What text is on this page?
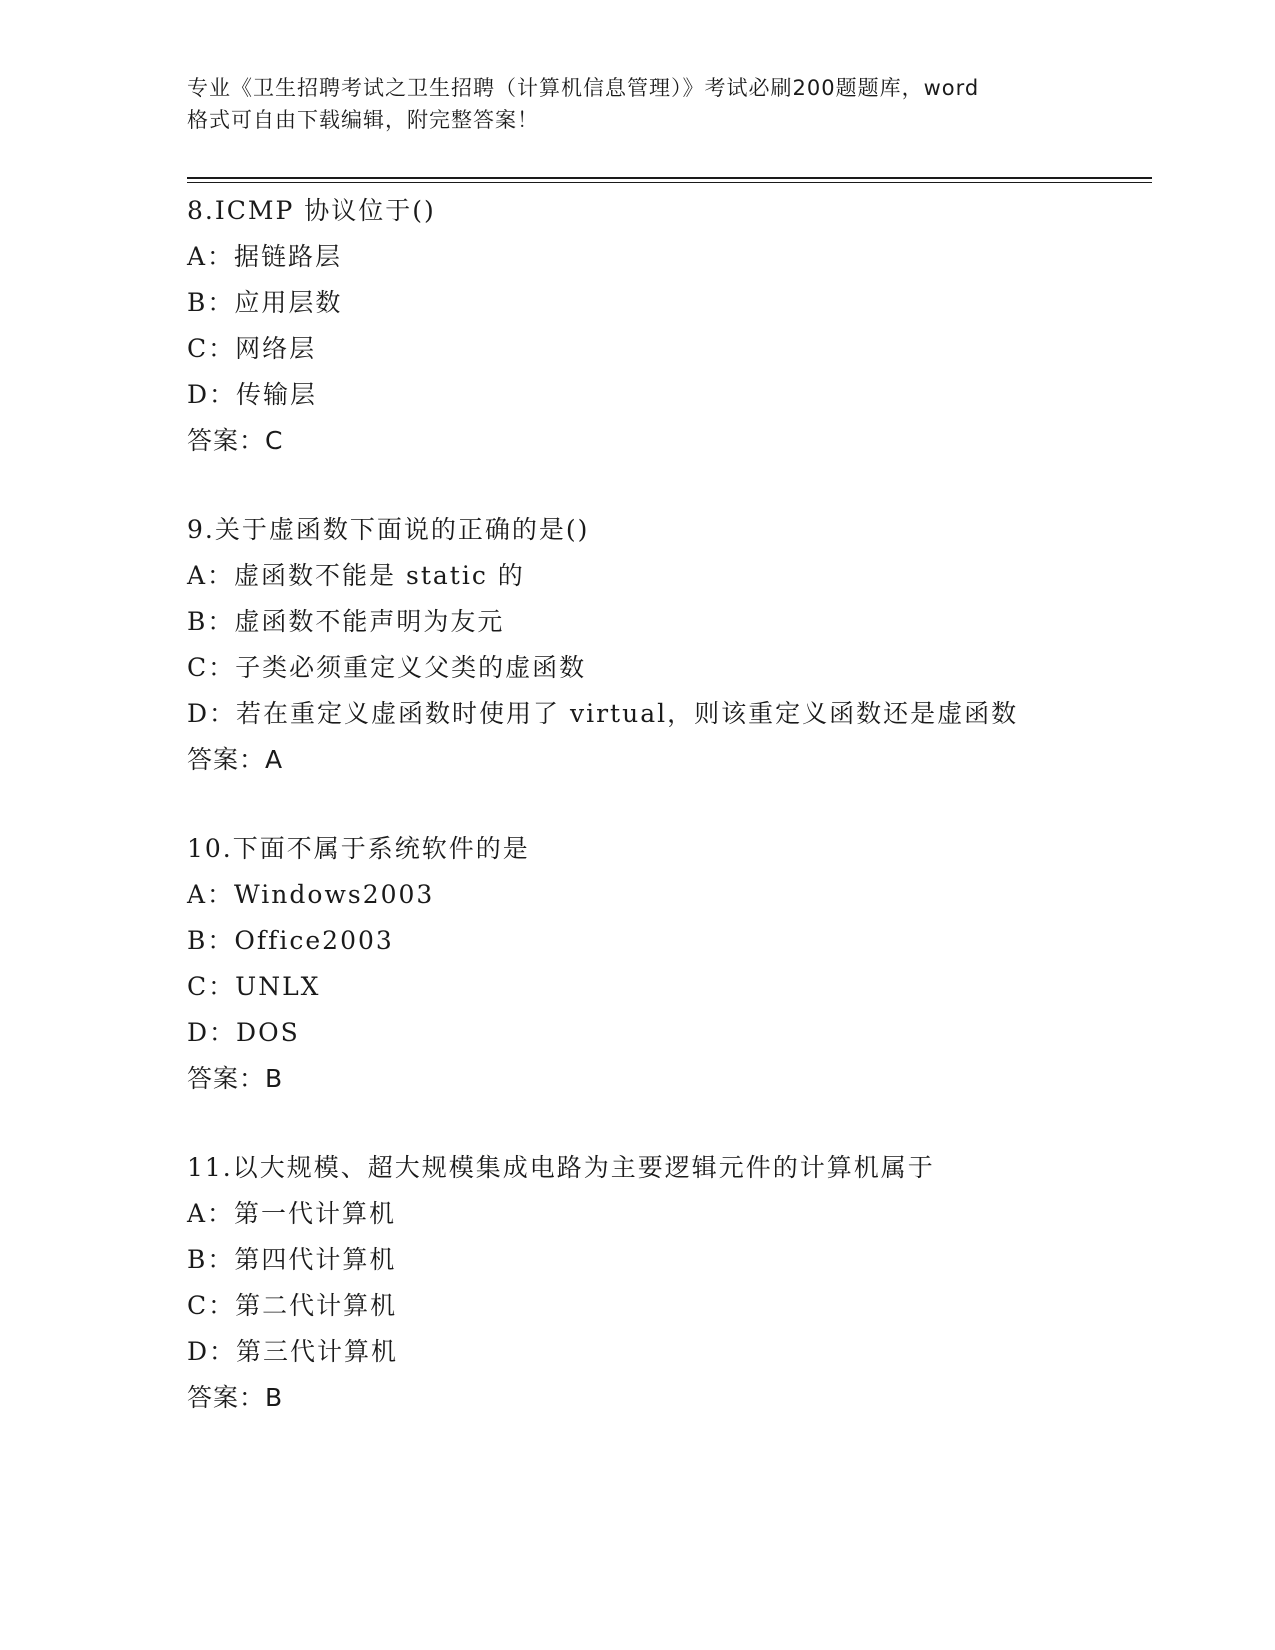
专业《卫生招聘考试之卫生招聘（计算机信息管理）》考试必刷200题题库，word
格式可自由下载编辑，附完整答案！
8.ICMP 协议位于()
A：据链路层
B：应用层数
C：网络层
D：传输层
答案：C
9.关于虚函数下面说的正确的是()
A：虚函数不能是 static 的
B：虚函数不能声明为友元
C：子类必须重定义父类的虚函数
D：若在重定义虚函数时使用了 virtual，则该重定义函数还是虚函数
答案：A
10.下面不属于系统软件的是
A：Windows2003
B：Office2003
C：UNLX
D：DOS
答案：B
11.以大规模、超大规模集成电路为主要逻辑元件的计算机属于
A：第一代计算机
B：第四代计算机
C：第二代计算机
D：第三代计算机
答案：B
